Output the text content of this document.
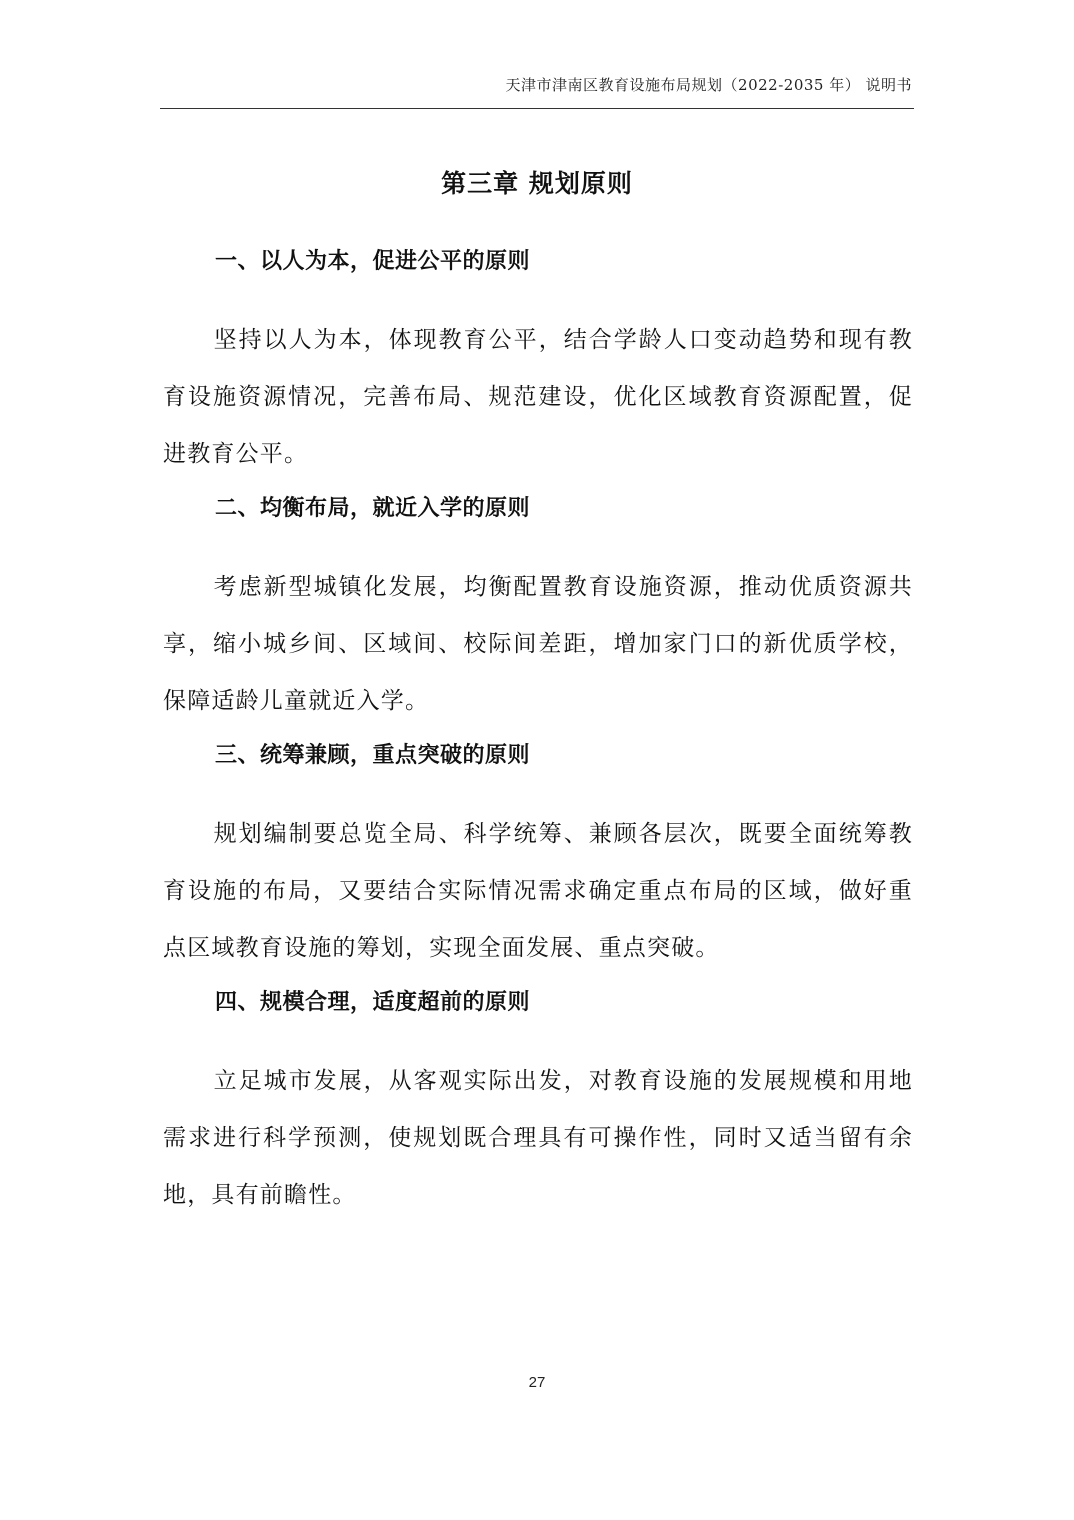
天津市津南区教育设施布局规划（2022-2035 年） 说明书
第三章 规划原则
一、以人为本，促进公平的原则

坚持以人为本，体现教育公平，结合学龄人口变动趋势和现有教育设施资源情况，完善布局、规范建设，优化区域教育资源配置，促进教育公平。

二、均衡布局，就近入学的原则

考虑新型城镇化发展，均衡配置教育设施资源，推动优质资源共享，缩小城乡间、区域间、校际间差距，增加家门口的新优质学校，保障适龄儿童就近入学。

三、统筹兼顾，重点突破的原则

规划编制要总览全局、科学统筹、兼顾各层次，既要全面统筹教育设施的布局，又要结合实际情况需求确定重点布局的区域，做好重点区域教育设施的筹划，实现全面发展、重点突破。

四、规模合理，适度超前的原则

立足城市发展，从客观实际出发，对教育设施的发展规模和用地需求进行科学预测，使规划既合理具有可操作性，同时又适当留有余地，具有前瞻性。

27
